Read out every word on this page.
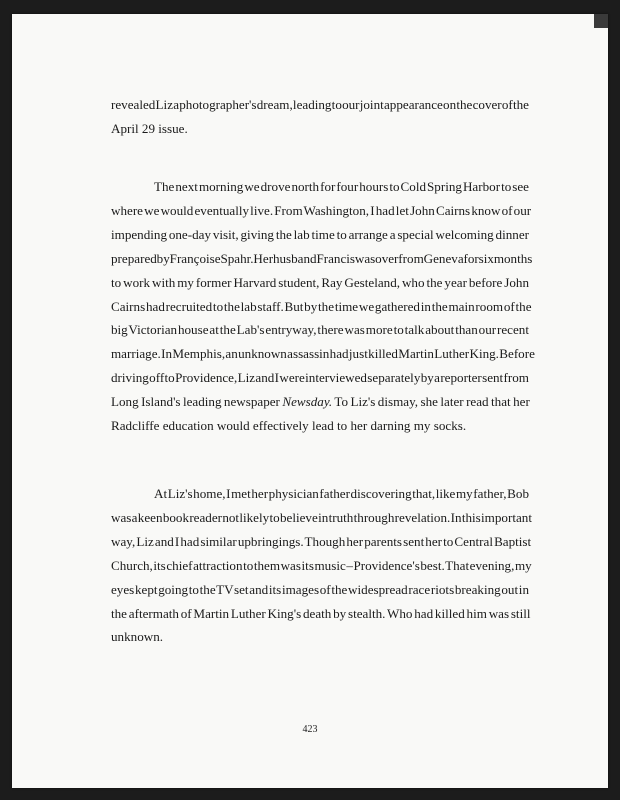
revealed Liz a photographer's dream, leading to our joint appearance on the cover of the
April 29 issue.
The next morning we drove north for four hours to Cold Spring Harbor to see
where we would eventually live. From Washington, I had let John Cairns know of our
impending one-day visit, giving the lab time to arrange a special welcoming dinner
prepared by Françoise Spahr. Her husband Francis was over from Geneva for six months
to work with my former Harvard student, Ray Gesteland, who the year before John
Cairns had recruited to the lab staff. But by the time we gathered in the main room of the
big Victorian house at the Lab's entryway, there was more to talk about than our recent
marriage. In Memphis, an unknown assassin had just killed Martin Luther King. Before
driving off to Providence, Liz and I were interviewed separately by a reporter sent from
Long Island's leading newspaper Newsday. To Liz's dismay, she later read that her
Radcliffe education would effectively lead to her darning my socks.
At Liz's home, I met her physician father discovering that, like my father, Bob
was a keen book reader not likely to believe in truth through revelation. In this important
way, Liz and I had similar upbringings. Though her parents sent her to Central Baptist
Church, its chief attraction to them was its music – Providence's best. That evening, my
eyes kept going to the TV set and its images of the widespread race riots breaking out in
the aftermath of Martin Luther King's death by stealth. Who had killed him was still
unknown.
423
